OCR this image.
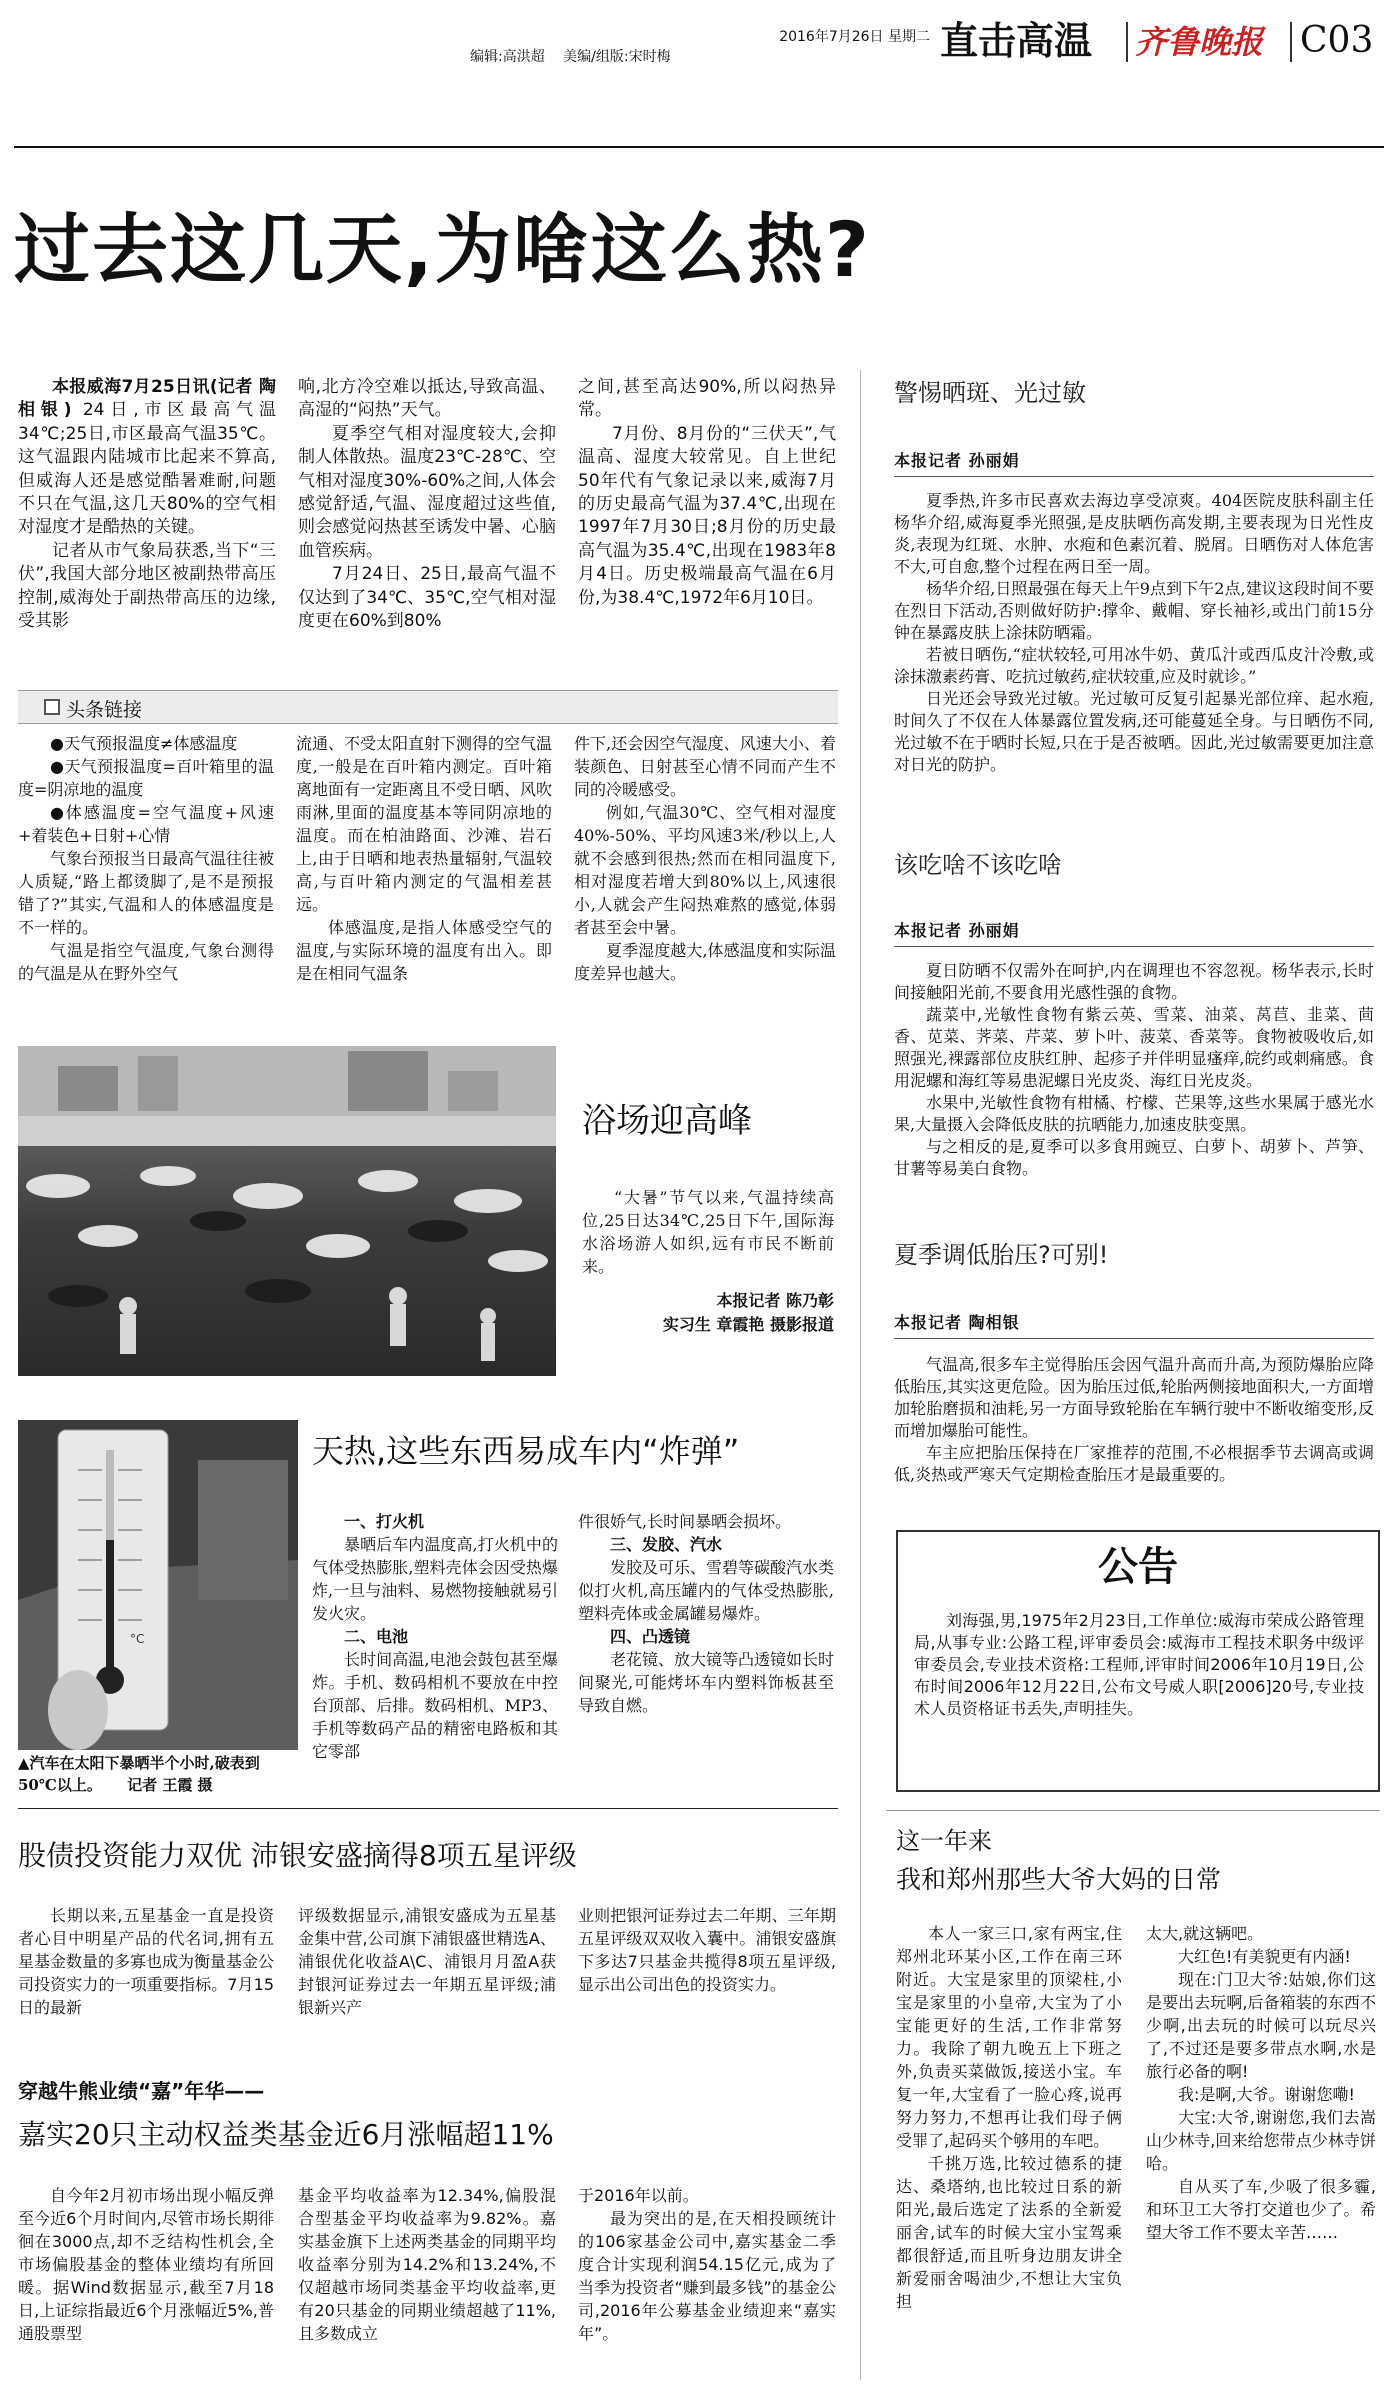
2016年7月26日 星期二
编辑:高洪超 美编/组版:宋时梅	直击高温	齐鲁晚报	C03
过去这几天,为啥这么热?

本报威海7月25日讯(记者 陶相银) 24日,市区最高气温34℃;25日,市区最高气温35℃。这气温跟内陆城市比起来不算高,但威海人还是感觉酷暑难耐,问题不只在气温,这几天80%的空气相对湿度才是酷热的关键。

记者从市气象局获悉,当下“三伏”,我国大部分地区被副热带高压控制,威海处于副热带高压的边缘,受其影

响,北方冷空难以抵达,导致高温、高湿的“闷热”天气。

夏季空气相对湿度较大,会抑制人体散热。温度23℃-28℃、空气相对湿度30%-60%之间,人体会感觉舒适,气温、湿度超过这些值,则会感觉闷热甚至诱发中暑、心脑血管疾病。

7月24日、25日,最高气温不仅达到了34℃、35℃,空气相对湿度更在60%到80%

之间,甚至高达90%,所以闷热异常。

7月份、8月份的“三伏天”,气温高、湿度大较常见。自上世纪50年代有气象记录以来,威海7月的历史最高气温为37.4℃,出现在1997年7月30日;8月份的历史最高气温为35.4℃,出现在1983年8月4日。历史极端最高气温在6月份,为38.4℃,1972年6月10日。

头条链接

●天气预报温度≠体感温度

●天气预报温度=百叶箱里的温度=阴凉地的温度

●体感温度=空气温度+风速+着装色+日射+心情

气象台预报当日最高气温往往被人质疑,“路上都烫脚了,是不是预报错了?”其实,气温和人的体感温度是不一样的。

气温是指空气温度,气象台测得的气温是从在野外空气

流通、不受太阳直射下测得的空气温度,一般是在百叶箱内测定。百叶箱离地面有一定距离且不受日晒、风吹雨淋,里面的温度基本等同阴凉地的温度。而在柏油路面、沙滩、岩石上,由于日晒和地表热量辐射,气温较高,与百叶箱内测定的气温相差甚远。

体感温度,是指人体感受空气的温度,与实际环境的温度有出入。即是在相同气温条

件下,还会因空气湿度、风速大小、着装颜色、日射甚至心情不同而产生不同的冷暖感受。

例如,气温30℃、空气相对湿度40%-50%、平均风速3米/秒以上,人就不会感到很热;然而在相同温度下,相对湿度若增大到80%以上,风速很小,人就会产生闷热难熬的感觉,体弱者甚至会中暑。

夏季湿度越大,体感温度和实际温度差异也越大。

浴场迎高峰
“大暑”节气以来,气温持续高位,25日达34℃,25日下午,国际海水浴场游人如织,远有市民不断前来。
本报记者 陈乃彰
实习生 章霞艳 摄影报道
°C
▲汽车在太阳下暴晒半个小时,破表到50℃以上。 记者 王霞 摄
天热,这些东西易成车内“炸弹”

一、打火机

暴晒后车内温度高,打火机中的气体受热膨胀,塑料壳体会因受热爆炸,一旦与油料、易燃物接触就易引发火灾。

二、电池

长时间高温,电池会鼓包甚至爆炸。手机、数码相机不要放在中控台顶部、后排。数码相机、MP3、手机等数码产品的精密电路板和其它零部

件很娇气,长时间暴晒会损坏。

三、发胶、汽水

发胶及可乐、雪碧等碳酸汽水类似打火机,高压罐内的气体受热膨胀,塑料壳体或金属罐易爆炸。

四、凸透镜

老花镜、放大镜等凸透镜如长时间聚光,可能烤坏车内塑料饰板甚至导致自燃。

股债投资能力双优 沛银安盛摘得8项五星评级
长期以来,五星基金一直是投资者心目中明星产品的代名词,拥有五星基金数量的多寡也成为衡量基金公司投资实力的一项重要指标。7月15日的最新
评级数据显示,浦银安盛成为五星基金集中营,公司旗下浦银盛世精选A、浦银优化收益A\C、浦银月月盈A获封银河证券过去一年期五星评级;浦银新兴产
业则把银河证券过去二年期、三年期五星评级双双收入囊中。浦银安盛旗下多达7只基金共揽得8项五星评级,显示出公司出色的投资实力。
穿越牛熊业绩“嘉”年华——
嘉实20只主动权益类基金近6月涨幅超11%
自今年2月初市场出现小幅反弹至今近6个月时间内,尽管市场长期徘徊在3000点,却不乏结构性机会,全市场偏股基金的整体业绩均有所回暖。据Wind数据显示,截至7月18日,上证综指最近6个月涨幅近5%,普通股票型
基金平均收益率为12.34%,偏股混合型基金平均收益率为9.82%。嘉实基金旗下上述两类基金的同期平均收益率分别为14.2%和13.24%,不仅超越市场同类基金平均收益率,更有20只基金的同期业绩超越了11%,且多数成立

于2016年以前。

最为突出的是,在天相投顾统计的106家基金公司中,嘉实基金二季度合计实现利润54.15亿元,成为了当季为投资者“赚到最多钱”的基金公司,2016年公募基金业绩迎来“嘉实年”。

警惕晒斑、光过敏
本报记者 孙丽娟

夏季热,许多市民喜欢去海边享受凉爽。404医院皮肤科副主任杨华介绍,威海夏季光照强,是皮肤晒伤高发期,主要表现为日光性皮炎,表现为红斑、水肿、水疱和色素沉着、脱屑。日晒伤对人体危害不大,可自愈,整个过程在两日至一周。

杨华介绍,日照最强在每天上午9点到下午2点,建议这段时间不要在烈日下活动,否则做好防护:撑伞、戴帽、穿长袖衫,或出门前15分钟在暴露皮肤上涂抹防晒霜。

若被日晒伤,“症状较轻,可用冰牛奶、黄瓜汁或西瓜皮汁冷敷,或涂抹激素药膏、吃抗过敏药,症状较重,应及时就诊。”

日光还会导致光过敏。光过敏可反复引起暴光部位痒、起水疱,时间久了不仅在人体暴露位置发病,还可能蔓延全身。与日晒伤不同,光过敏不在于晒时长短,只在于是否被晒。因此,光过敏需要更加注意对日光的防护。

该吃啥不该吃啥
本报记者 孙丽娟

夏日防晒不仅需外在呵护,内在调理也不容忽视。杨华表示,长时间接触阳光前,不要食用光感性强的食物。

蔬菜中,光敏性食物有紫云英、雪菜、油菜、莴苣、韭菜、茴香、苋菜、荠菜、芹菜、萝卜叶、菠菜、香菜等。食物被吸收后,如照强光,裸露部位皮肤红肿、起疹子并伴明显瘙痒,皖约或刺痛感。食用泥螺和海红等易患泥螺日光皮炎、海红日光皮炎。

水果中,光敏性食物有柑橘、柠檬、芒果等,这些水果属于感光水果,大量摄入会降低皮肤的抗晒能力,加速皮肤变黑。

与之相反的是,夏季可以多食用豌豆、白萝卜、胡萝卜、芦笋、甘薯等易美白食物。

夏季调低胎压?可别!
本报记者 陶相银

气温高,很多车主觉得胎压会因气温升高而升高,为预防爆胎应降低胎压,其实这更危险。因为胎压过低,轮胎两侧接地面积大,一方面增加轮胎磨损和油耗,另一方面导致轮胎在车辆行驶中不断收缩变形,反而增加爆胎可能性。

车主应把胎压保持在厂家推荐的范围,不必根据季节去调高或调低,炎热或严寒天气定期检查胎压才是最重要的。

公告
刘海强,男,1975年2月23日,工作单位:威海市荣成公路管理局,从事专业:公路工程,评审委员会:威海市工程技术职务中级评审委员会,专业技术资格:工程师,评审时间2006年10月19日,公布时间2006年12月22日,公布文号威人职[2006]20号,专业技术人员资格证书丢失,声明挂失。
这一年来
我和郑州那些大爷大妈的日常

本人一家三口,家有两宝,住郑州北环某小区,工作在南三环附近。大宝是家里的顶梁柱,小宝是家里的小皇帝,大宝为了小宝能更好的生活,工作非常努力。我除了朝九晚五上下班之外,负责买菜做饭,接送小宝。车复一年,大宝看了一脸心疼,说再努力努力,不想再让我们母子俩受罪了,起码买个够用的车吧。

千挑万选,比较过德系的捷达、桑塔纳,也比较过日系的新阳光,最后选定了法系的全新爱丽舍,试车的时候大宝小宝驾乘都很舒适,而且听身边朋友讲全新爱丽舍喝油少,不想让大宝负担

太大,就这辆吧。

大红色!有美貌更有内涵!

现在:门卫大爷:姑娘,你们这是要出去玩啊,后备箱装的东西不少啊,出去玩的时候可以玩尽兴了,不过还是要多带点水啊,水是旅行必备的啊!

我:是啊,大爷。谢谢您嘞!

大宝:大爷,谢谢您,我们去嵩山少林寺,回来给您带点少林寺饼哈。

自从买了车,少吸了很多霾,和环卫工大爷打交道也少了。希望大爷工作不要太辛苦……
